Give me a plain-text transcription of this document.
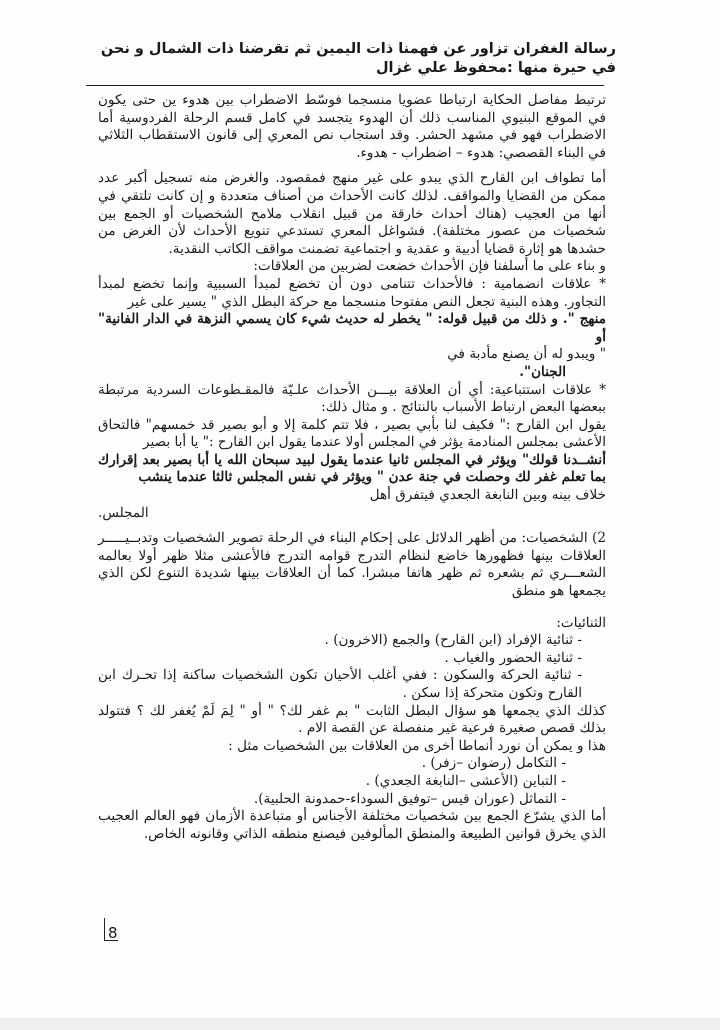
رسالة الغفران تزاور عن فهمنا ذات اليمين ثم تقرضنا ذات الشمال و نحن في حيرة منها :محفوظ علي غزال

ترتبط مفاصل الحكاية ارتباطا عضويا منسجما فوسّط الاضطراب بين هدوء ين حتى يكون في الموقع البنيوي المناسب ذلك أن الهدوء يتجسد في كامل قسم الرحلة الفردوسية أما الاضطراب فهو في مشهد الحشر. وقد استجاب نص المعري إلى قانون الاستقطاب الثلاثي في البناء القصصي: هدوء – اضطراب - هدوء.

أما تطواف ابن القارح الذي يبدو على غير منهج فمقصود. والغرض منه تسجيل أكبر عدد ممكن من القضايا والمواقف. لذلك كانت الأحداث من أصناف متعددة و إن كانت تلتقي في أنها من العجيب (هناك أحداث خارقة من قبيل انقلاب ملامح الشخصيات أو الجمع بين شخصيات من عصور مختلفة). فشواغل المعري تستدعي تنويع الأحداث لأن الغرض من حشدها هو إثارة قضايا أدبية و عقدية و اجتماعية تضمنت مواقف الكاتب النقدية.

و بناء على ما أسلفنا فإن الأحداث خضعت لضربين من العلاقات:

* علاقات انضمامية : فالأحداث تتنامى دون أن تخضع لمبدأ السببية وإنما تخضع لمبدأ التجاور. وهذه البنية تجعل النص مفتوحا منسجما مع حركة البطل الذي " يسير على غير

منهج ". و ذلك من قبيل قوله: " يخطر له حديث شيء كان يسمي النزهة في الدار الفانية" أو

" ويبدو له أن يصنع مأدبة في

الجنان".

* علاقات استتباعية: أي أن العلاقة بيـــن الأحداث علـيّة فالمقـطوعات السردية مرتبطة ببعضها البعض ارتباط الأسباب بالنتائج . و مثال ذلك:

يقول ابن القارح :" فكيف لنا بأبي بصير ، فلا تتم كلمة إلا و أبو بصير قد خمسهم" فالتحاق الأعشى بمجلس المنادمة يؤثر في المجلس أولا عندما يقول ابن القارح :" يا أبا بصير

أنشــدنا قولك" ويؤثر في المجلس ثانيا عندما يقول لبيد سبحان الله يا أبا بصير بعد إقرارك بما تعلم غفر لك وحصلت في جنة عدن " ويؤثر في نفس المجلس ثالثا عندما ينشب

خلاف بينه وبين النابغة الجعدي فيتفرق أهل

المجلس.

2) الشخصيات: من أظهر الدلائل على إحكام البناء في الرحلة تصوير الشخصيات وتدبــيـــــر العلاقات بينها فظهورها خاضع لنظام التدرج قوامه التدرج فالأعشى مثلا ظهر أولا بعالمه الشعـــري ثم بشعره ثم ظهر هاتفا مبشرا. كما أن العلاقات بينها شديدة التنوع لكن الذي يجمعها هو منطق

الثنائيات:

- ثنائية الإفراد (ابن القارح) والجمع (الاخرون) .

- ثنائية الحضور والغياب .

- ثنائية الحركة والسكون : ففي أغلب الأحيان تكون الشخصيات ساكنة إذا تحـرك ابن القارح وتكون متحركة إذا سكن .

كذلك الذي يجمعها هو سؤال البطل الثابت " بم غفر لك؟ " أو " لِمَ لَمْ يُغفر لك ؟ فتتولد بذلك قصص صغيرة فرعية غير منفصلة عن القصة الام .

هذا و يمكن أن نورد أنماطا أخرى من العلاقات بين الشخصيات مثل :

- التكامل (رضوان –زفر) .

- التباين (الأعشى –النابغة الجعدي) .

- التماثل (عوران قيس –توفيق السوداء-حمدونة الحلبية).

أما الذي يشرّع الجمع بين شخصيات مختلفة الأجناس أو متباعدة الأزمان فهو العالم العجيب الذي يخرق قوانين الطبيعة والمنطق المألوفين فيصنع منطقه الذاتي وقانونه الخاص.

8
